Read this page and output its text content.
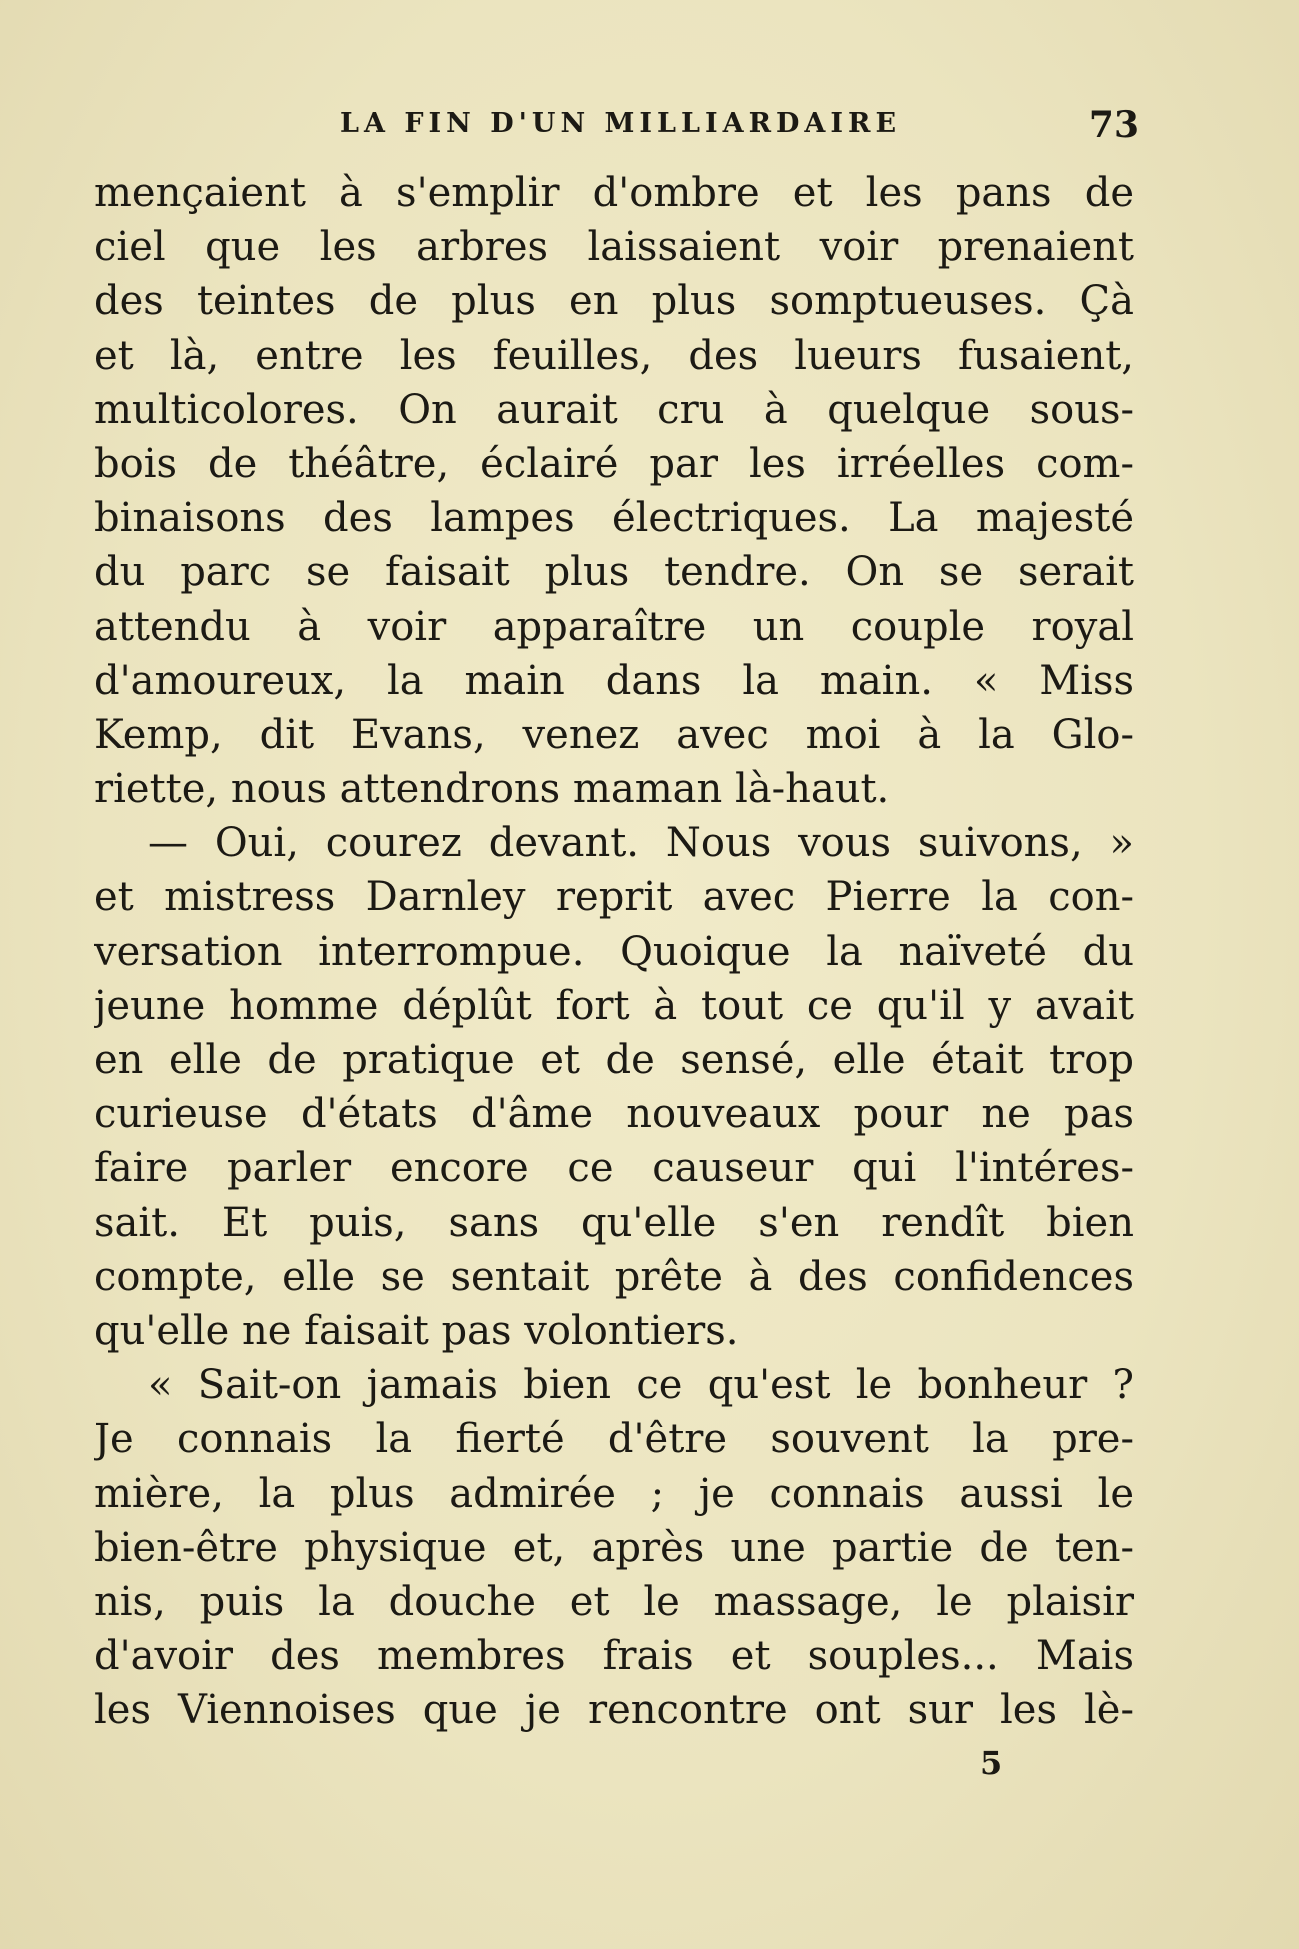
LA FIN D'UN MILLIARDAIRE	73
mençaient à s'emplir d'ombre et les pans de
ciel que les arbres laissaient voir prenaient
des teintes de plus en plus somptueuses. Çà
et là, entre les feuilles, des lueurs fusaient,
multicolores. On aurait cru à quelque sous-
bois de théâtre, éclairé par les irréelles com-
binaisons des lampes électriques. La majesté
du parc se faisait plus tendre. On se serait
attendu à voir apparaître un couple royal
d'amoureux, la main dans la main. « Miss
Kemp, dit Evans, venez avec moi à la Glo-
riette, nous attendrons maman là-haut.
— Oui, courez devant. Nous vous suivons, »
et mistress Darnley reprit avec Pierre la con-
versation interrompue. Quoique la naïveté du
jeune homme déplût fort à tout ce qu'il y avait
en elle de pratique et de sensé, elle était trop
curieuse d'états d'âme nouveaux pour ne pas
faire parler encore ce causeur qui l'intéres-
sait. Et puis, sans qu'elle s'en rendît bien
compte, elle se sentait prête à des confidences
qu'elle ne faisait pas volontiers.
« Sait-on jamais bien ce qu'est le bonheur ?
Je connais la fierté d'être souvent la pre-
mière, la plus admirée ; je connais aussi le
bien-être physique et, après une partie de ten-
nis, puis la douche et le massage, le plaisir
d'avoir des membres frais et souples... Mais
les Viennoises que je rencontre ont sur les lè-
5
